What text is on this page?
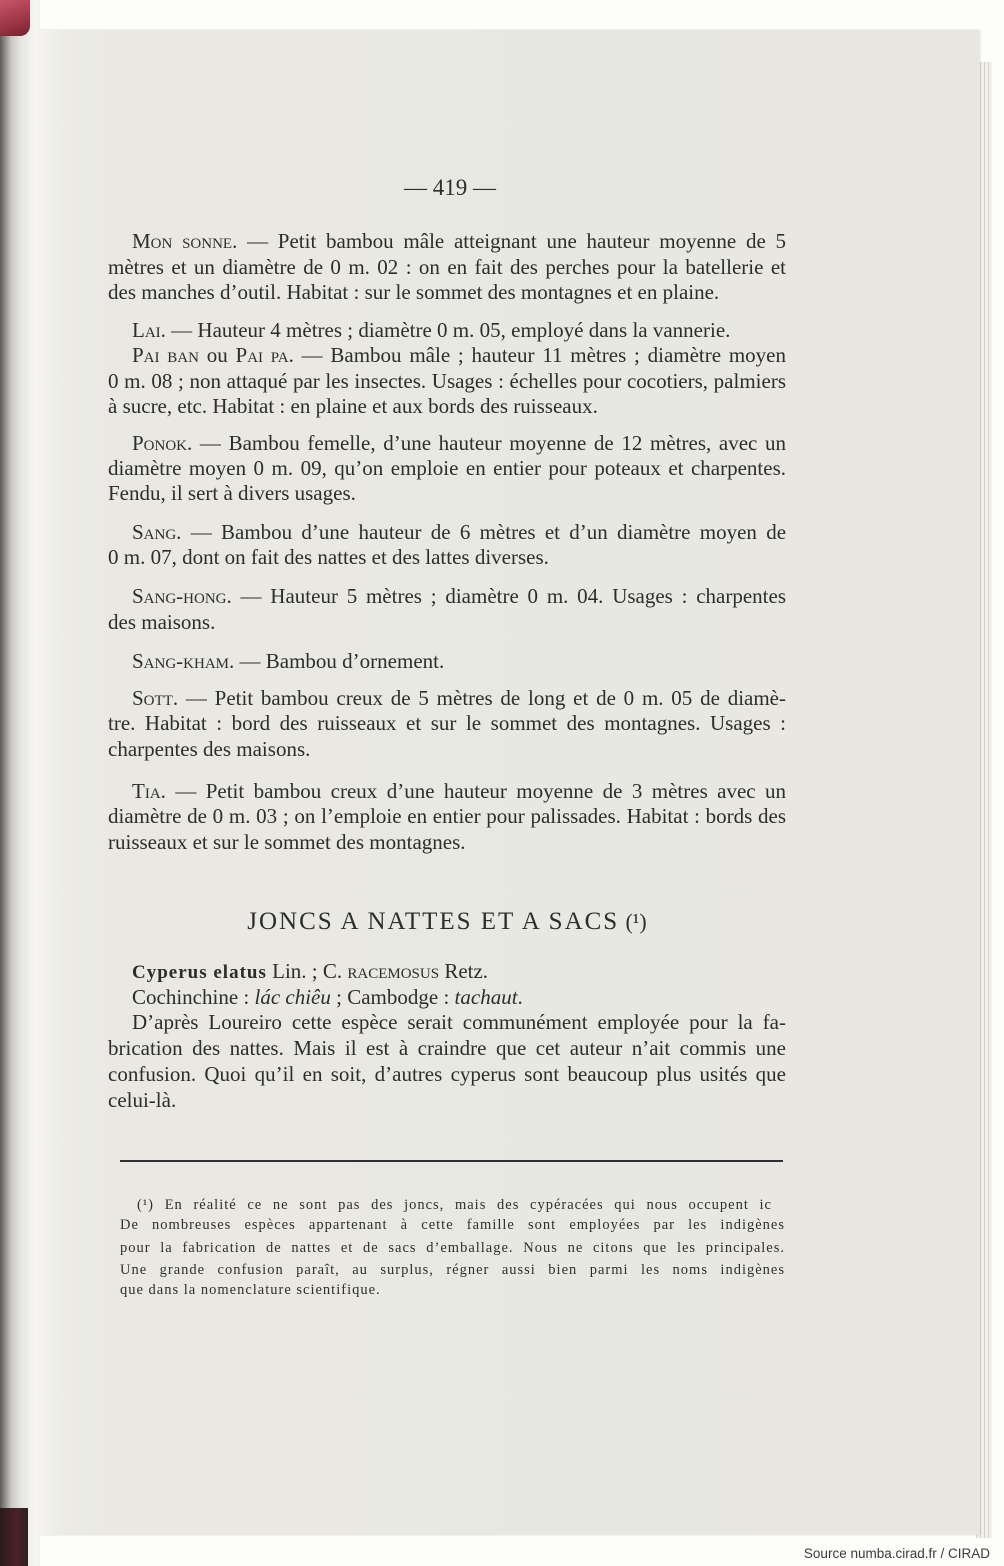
— 419 —
Mon sonne. — Petit bambou mâle atteignant une hauteur moyenne de 5
mètres et un diamètre de 0 m. 02 : on en fait des perches pour la batellerie et
des manches d’outil. Habitat : sur le sommet des montagnes et en plaine.
Lai. — Hauteur 4 mètres ; diamètre 0 m. 05, employé dans la vannerie.
Pai ban ou Pai pa. — Bambou mâle ; hauteur 11 mètres ; diamètre moyen
0 m. 08 ; non attaqué par les insectes. Usages : échelles pour cocotiers, palmiers
à sucre, etc. Habitat : en plaine et aux bords des ruisseaux.
Ponok. — Bambou femelle, d’une hauteur moyenne de 12 mètres, avec un
diamètre moyen 0 m. 09, qu’on emploie en entier pour poteaux et charpentes.
Fendu, il sert à divers usages.
Sang. — Bambou d’une hauteur de 6 mètres et d’un diamètre moyen de
0 m. 07, dont on fait des nattes et des lattes diverses.
Sang-hong. — Hauteur 5 mètres ; diamètre 0 m. 04. Usages : charpentes
des maisons.
Sang-kham. — Bambou d’ornement.
Sott. — Petit bambou creux de 5 mètres de long et de 0 m. 05 de diamè-
tre. Habitat : bord des ruisseaux et sur le sommet des montagnes. Usages :
charpentes des maisons.
Tia. — Petit bambou creux d’une hauteur moyenne de 3 mètres avec un
diamètre de 0 m. 03 ; on l’emploie en entier pour palissades. Habitat : bords des
ruisseaux et sur le sommet des montagnes.
JONCS A NATTES ET A SACS (¹)
Cyperus elatus Lin. ; C. racemosus Retz.
Cochinchine : lác chiêu ; Cambodge : tachaut.
D’après Loureiro cette espèce serait communément employée pour la fa-
brication des nattes. Mais il est à craindre que cet auteur n’ait commis une
confusion. Quoi qu’il en soit, d’autres cyperus sont beaucoup plus usités que
celui-là.
(¹) En réalité ce ne sont pas des joncs, mais des cypéracées qui nous occupent ic
De nombreuses espèces appartenant à cette famille sont employées par les indigènes
pour la fabrication de nattes et de sacs d’emballage. Nous ne citons que les principales.
Une grande confusion paraît, au surplus, régner aussi bien parmi les noms indigènes
que dans la nomenclature scientifique.
Source numba.cirad.fr / CIRAD
